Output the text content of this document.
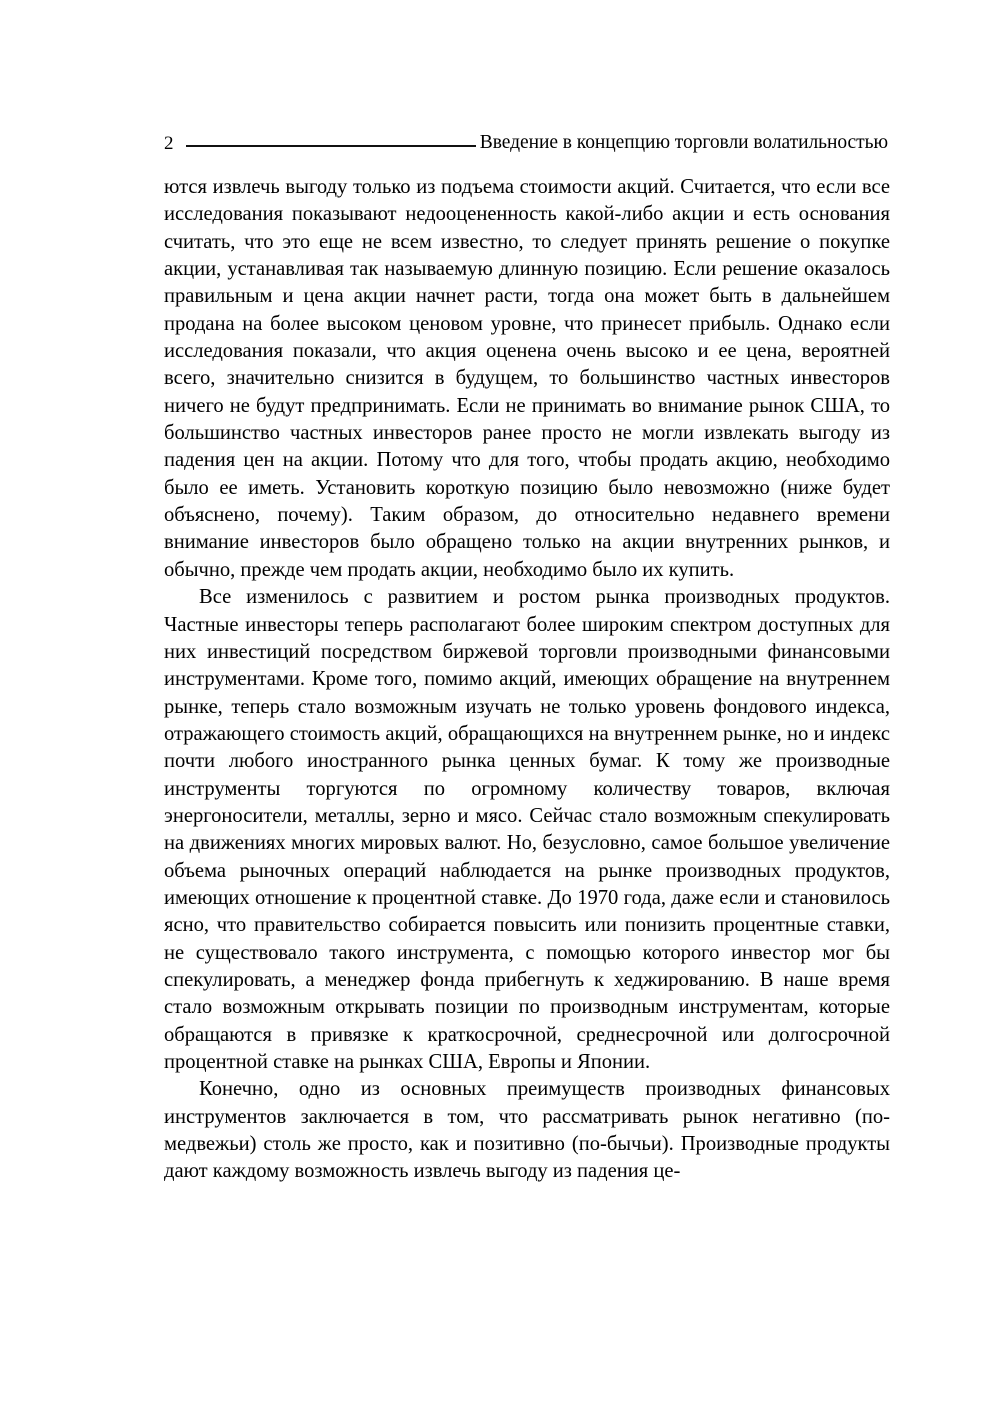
2	Введение в концепцию торговли волатильностью

ются извлечь выгоду только из подъема стоимости акций. Считается, что если все исследования показывают недооцененность какой-либо акции и есть основания считать, что это еще не всем известно, то следует принять решение о покупке акции, устанавливая так называемую длинную позицию. Если решение оказалось правильным и цена акции начнет расти, тогда она может быть в дальнейшем продана на более высоком ценовом уровне, что принесет прибыль. Однако если исследования показали, что акция оценена очень высоко и ее цена, вероятней всего, значительно снизится в будущем, то большинство частных инвесторов ничего не будут предпринимать. Если не принимать во внимание рынок США, то большинство частных инвесторов ранее просто не могли извлекать выгоду из падения цен на акции. Потому что для того, чтобы продать акцию, необходимо было ее иметь. Установить короткую позицию было невозможно (ниже будет объяснено, почему). Таким образом, до относительно недавнего времени внимание инвесторов было обращено только на акции внутренних рынков, и обычно, прежде чем продать акции, необходимо было их купить.

Все изменилось с развитием и ростом рынка производных продуктов. Частные инвесторы теперь располагают более широким спектром доступных для них инвестиций посредством биржевой торговли производными финансовыми инструментами. Кроме того, помимо акций, имеющих обращение на внутреннем рынке, теперь стало возможным изучать не только уровень фондового индекса, отражающего стоимость акций, обращающихся на внутреннем рынке, но и индекс почти любого иностранного рынка ценных бумаг. К тому же производные инструменты торгуются по огромному количеству товаров, включая энергоносители, металлы, зерно и мясо. Сейчас стало возможным спекулировать на движениях многих мировых валют. Но, безусловно, самое большое увеличение объема рыночных операций наблюдается на рынке производных продуктов, имеющих отношение к процентной ставке. До 1970 года, даже если и становилось ясно, что правительство собирается повысить или понизить процентные ставки, не существовало такого инструмента, с помощью которого инвестор мог бы спекулировать, а менеджер фонда прибегнуть к хеджированию. В наше время стало возможным открывать позиции по производным инструментам, которые обращаются в привязке к краткосрочной, среднесрочной или долгосрочной процентной ставке на рынках США, Европы и Японии.

Конечно, одно из основных преимуществ производных финансовых инструментов заключается в том, что рассматривать рынок негативно (по-медвежьи) столь же просто, как и позитивно (по-бычьи). Производные продукты дают каждому возможность извлечь выгоду из падения це-
